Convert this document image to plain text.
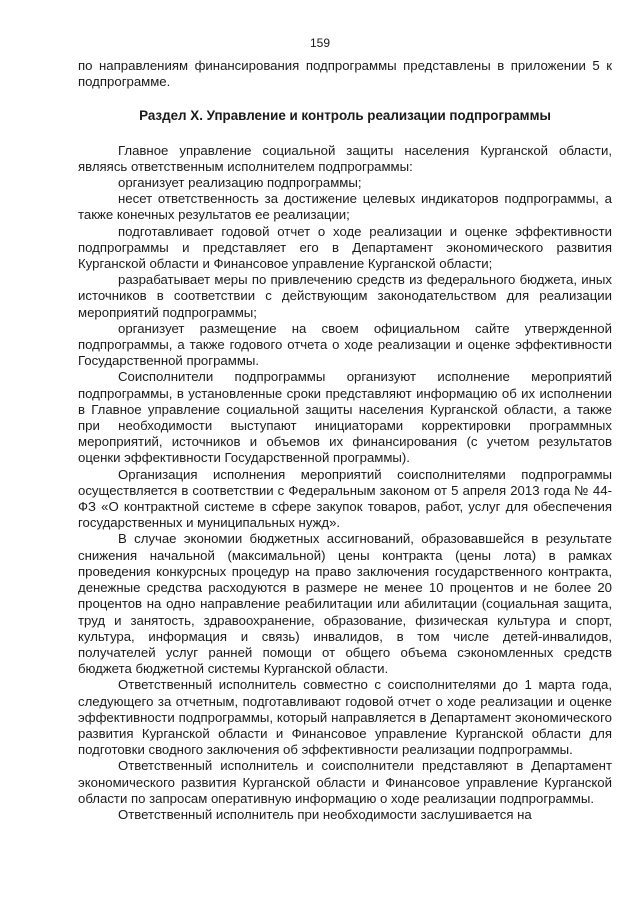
159

по направлениям финансирования подпрограммы представлены в приложении 5 к подпрограмме.

Раздел X. Управление и контроль реализации подпрограммы

Главное управление социальной защиты населения Курганской области, являясь ответственным исполнителем подпрограммы:

организует реализацию подпрограммы;

несет ответственность за достижение целевых индикаторов подпрограммы, а также конечных результатов ее реализации;

подготавливает годовой отчет о ходе реализации и оценке эффективности подпрограммы и представляет его в Департамент экономического развития Курганской области и Финансовое управление Курганской области;

разрабатывает меры по привлечению средств из федерального бюджета, иных источников в соответствии с действующим законодательством для реализации мероприятий подпрограммы;

организует размещение на своем официальном сайте утвержденной подпрограммы, а также годового отчета о ходе реализации и оценке эффективности Государственной программы.

Соисполнители подпрограммы организуют исполнение мероприятий подпрограммы, в установленные сроки представляют информацию об их исполнении в Главное управление социальной защиты населения Курганской области, а также при необходимости выступают инициаторами корректировки программных мероприятий, источников и объемов их финансирования (с учетом результатов оценки эффективности Государственной программы).

Организация исполнения мероприятий соисполнителями подпрограммы осуществляется в соответствии с Федеральным законом от 5 апреля 2013 года № 44-ФЗ «О контрактной системе в сфере закупок товаров, работ, услуг для обеспечения государственных и муниципальных нужд».

В случае экономии бюджетных ассигнований, образовавшейся в результате снижения начальной (максимальной) цены контракта (цены лота) в рамках проведения конкурсных процедур на право заключения государственного контракта, денежные средства расходуются в размере не менее 10 процентов и не более 20 процентов на одно направление реабилитации или абилитации (социальная защита, труд и занятость, здравоохранение, образование, физическая культура и спорт, культура, информация и связь) инвалидов, в том числе детей-инвалидов, получателей услуг ранней помощи от общего объема сэкономленных средств бюджета бюджетной системы Курганской области.

Ответственный исполнитель совместно с соисполнителями до 1 марта года, следующего за отчетным, подготавливают годовой отчет о ходе реализации и оценке эффективности подпрограммы, который направляется в Департамент экономического развития Курганской области и Финансовое управление Курганской области для подготовки сводного заключения об эффективности реализации подпрограммы.

Ответственный исполнитель и соисполнители представляют в Департамент экономического развития Курганской области и Финансовое управление Курганской области по запросам оперативную информацию о ходе реализации подпрограммы.

Ответственный исполнитель при необходимости заслушивается на
